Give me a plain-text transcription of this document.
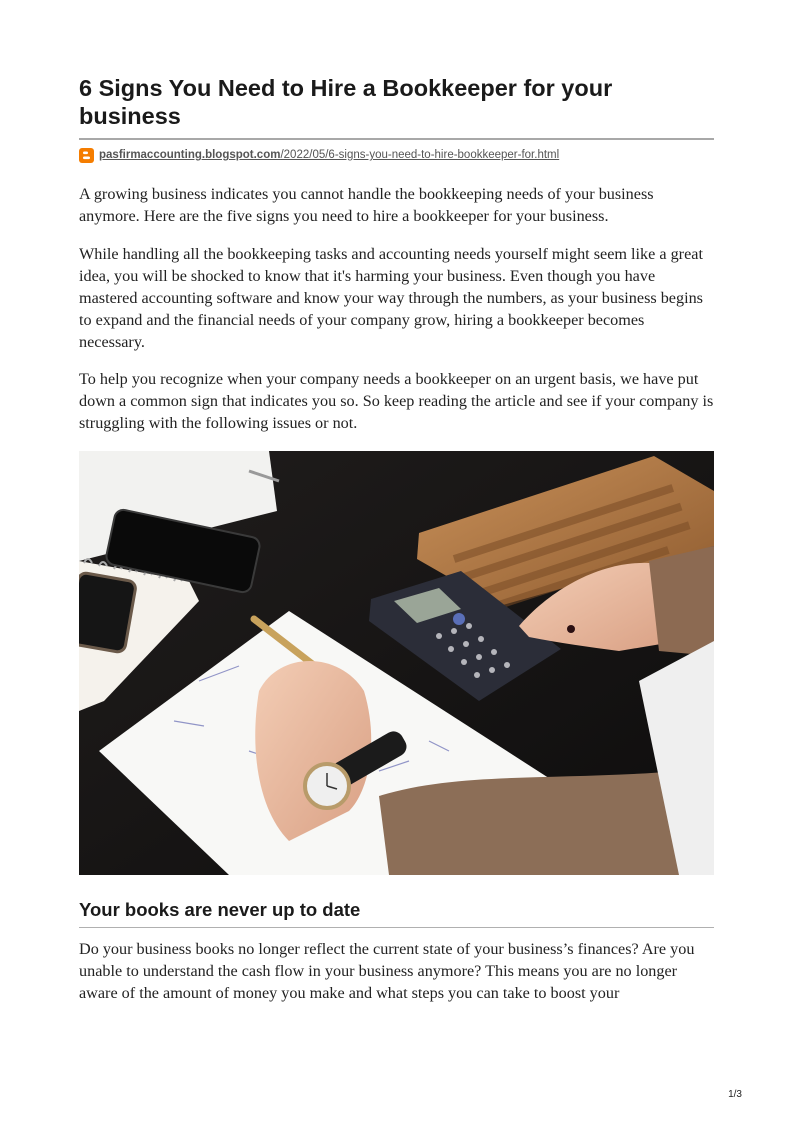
6 Signs You Need to Hire a Bookkeeper for your business
pasfirmaccounting.blogspot.com/2022/05/6-signs-you-need-to-hire-bookkeeper-for.html

A growing business indicates you cannot handle the bookkeeping needs of your business anymore. Here are the five signs you need to hire a bookkeeper for your business.

While handling all the bookkeeping tasks and accounting needs yourself might seem like a great idea, you will be shocked to know that it's harming your business. Even though you have mastered accounting software and know your way through the numbers, as your business begins to expand and the financial needs of your company grow, hiring a bookkeeper becomes necessary.

To help you recognize when your company needs a bookkeeper on an urgent basis, we have put down a common sign that indicates you so. So keep reading the article and see if your company is struggling with the following issues or not.

Your books are never up to date

Do your business books no longer reflect the current state of your business’s finances? Are you unable to understand the cash flow in your business anymore? This means you are no longer aware of the amount of money you make and what steps you can take to boost your

1/3
